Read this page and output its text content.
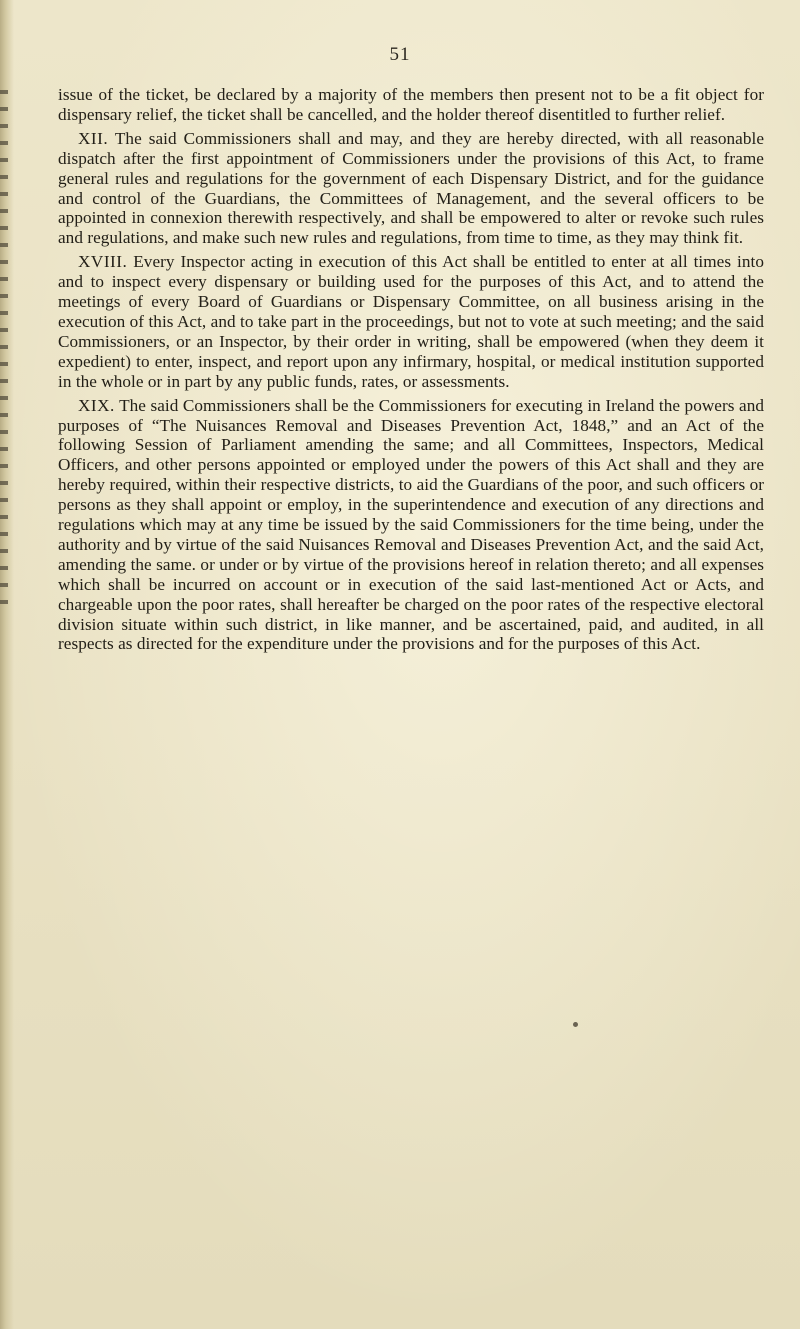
51

issue of the ticket, be declared by a majority of the members then present not to be a fit object for dispensary relief, the ticket shall be cancelled, and the holder thereof disentitled to further relief.

XII. The said Commissioners shall and may, and they are hereby directed, with all reasonable dispatch after the first appointment of Commissioners under the provisions of this Act, to frame general rules and regulations for the government of each Dispensary District, and for the guidance and control of the Guardians, the Committees of Management, and the several officers to be appointed in connexion therewith respectively, and shall be empowered to alter or revoke such rules and regulations, and make such new rules and regulations, from time to time, as they may think fit.

XVIII. Every Inspector acting in execution of this Act shall be entitled to enter at all times into and to inspect every dispensary or building used for the purposes of this Act, and to attend the meetings of every Board of Guardians or Dispensary Committee, on all business arising in the execution of this Act, and to take part in the proceedings, but not to vote at such meeting; and the said Commissioners, or an Inspector, by their order in writing, shall be empowered (when they deem it expedient) to enter, inspect, and report upon any infirmary, hospital, or medical institution supported in the whole or in part by any public funds, rates, or assessments.

XIX. The said Commissioners shall be the Commissioners for executing in Ireland the powers and purposes of “The Nuisances Removal and Diseases Prevention Act, 1848,” and an Act of the following Session of Parliament amending the same; and all Committees, Inspectors, Medical Officers, and other persons appointed or employed under the powers of this Act shall and they are hereby required, within their respective districts, to aid the Guardians of the poor, and such officers or persons as they shall appoint or employ, in the superintendence and execution of any directions and regulations which may at any time be issued by the said Commissioners for the time being, under the authority and by virtue of the said Nuisances Removal and Diseases Prevention Act, and the said Act, amending the same. or under or by virtue of the provisions hereof in relation thereto; and all expenses which shall be incurred on account or in execution of the said last-mentioned Act or Acts, and chargeable upon the poor rates, shall hereafter be charged on the poor rates of the respective electoral division situate within such district, in like manner, and be ascertained, paid, and audited, in all respects as directed for the expenditure under the provisions and for the purposes of this Act.
